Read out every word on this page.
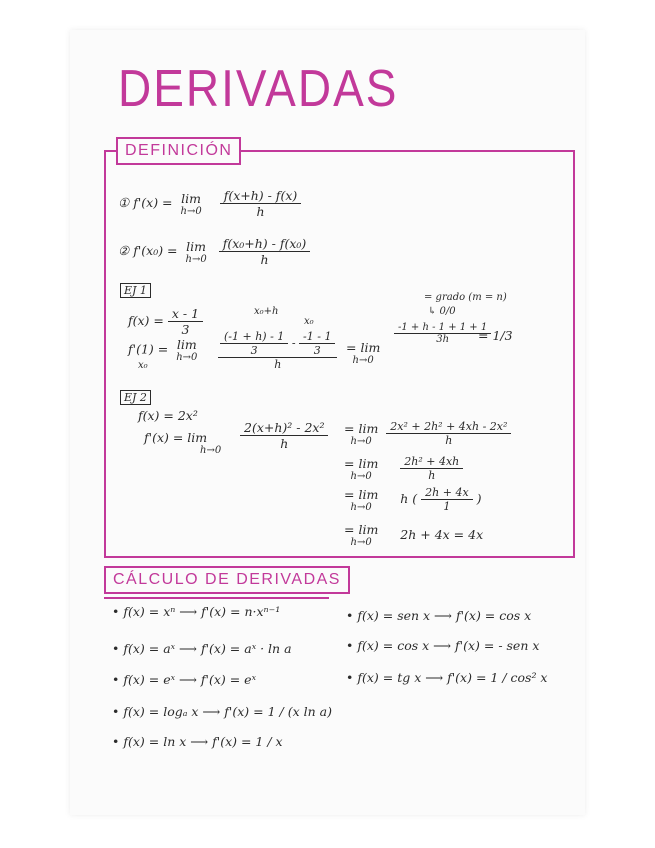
DERIVADAS
DEFINICIÓN
① f'(x) = lim
h→0
$\frac{f(x+h) - f(x)}{h}$
② f'(x₀) = lim
h→0
$\frac{\text{f(x₀+h) - f(x₀)}}{h}$
EJ 1
$f(x) = \frac{x - 1}{3}$	x₀+h
x₀
f'(1) = lim
h→0
x₀
$\frac{(-1 + h) - 1}{3} - \frac{-1 - 1}{3}$
h
= lim
h→0
= grado (m = n)
↳ 0/0
$\frac{-1 + h - 1 + 1 + 1}{3h}$
= 1/3
EJ 2
f(x) = 2x²
f'(x) = lim
$h\to 0 \frac{\text{2(x+h)² - 2x²}}{h} = \lim$
h→0
$\frac{\text{2x² + 2h² + 4xh - 2x²}}{h}$
= lim
h→0
	$\frac{\text{2h² + 4xh}}{h}$
= lim
h→0
h ( $\frac{2h + 4x}{1}$ )
= lim
h→0
2h + 4x = 4x
CÁLCULO DE DERIVADAS
• f(x) = xⁿ ⟶ f'(x) = n·xⁿ⁻¹
• f(x) = aˣ ⟶ f'(x) = aˣ · ln a
• f(x) = eˣ ⟶ f'(x) = eˣ
• f(x) = logₐ x ⟶ f'(x) = 1 / (x ln a)
• f(x) = ln x ⟶ f'(x) = 1 / x
• f(x) = sen x ⟶ f'(x) = cos x
• f(x) = cos x ⟶ f'(x) = - sen x
• f(x) = tg x ⟶ f'(x) = 1 / cos² x
